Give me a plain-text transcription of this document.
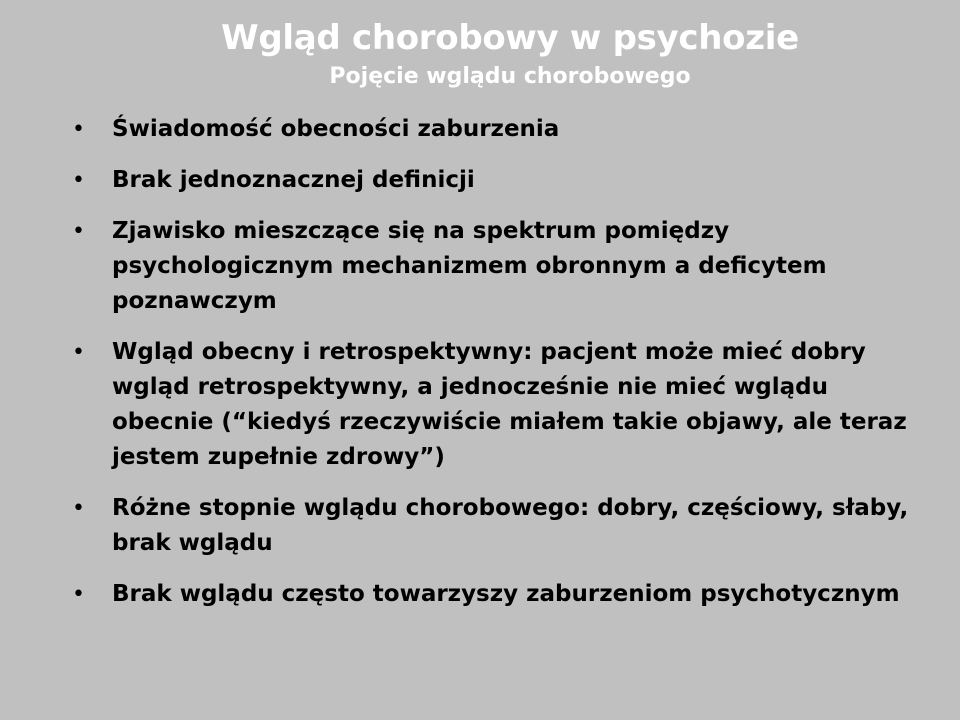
Wgląd chorobowy w psychozie
Pojęcie wglądu chorobowego
•	Świadomość obecności zaburzenia
•	Brak jednoznacznej definicji
•	Zjawisko mieszczące się na spektrum pomiędzy psychologicznym mechanizmem obronnym a deficytem poznawczym
•	Wgląd obecny i retrospektywny: pacjent może mieć dobry wgląd retrospektywny, a jednocześnie nie mieć wglądu obecnie (“kiedyś rzeczywiście miałem takie objawy, ale teraz jestem zupełnie zdrowy”)
•	Różne stopnie wglądu chorobowego: dobry, częściowy, słaby, brak wglądu
•	Brak wglądu często towarzyszy zaburzeniom psychotycznym
